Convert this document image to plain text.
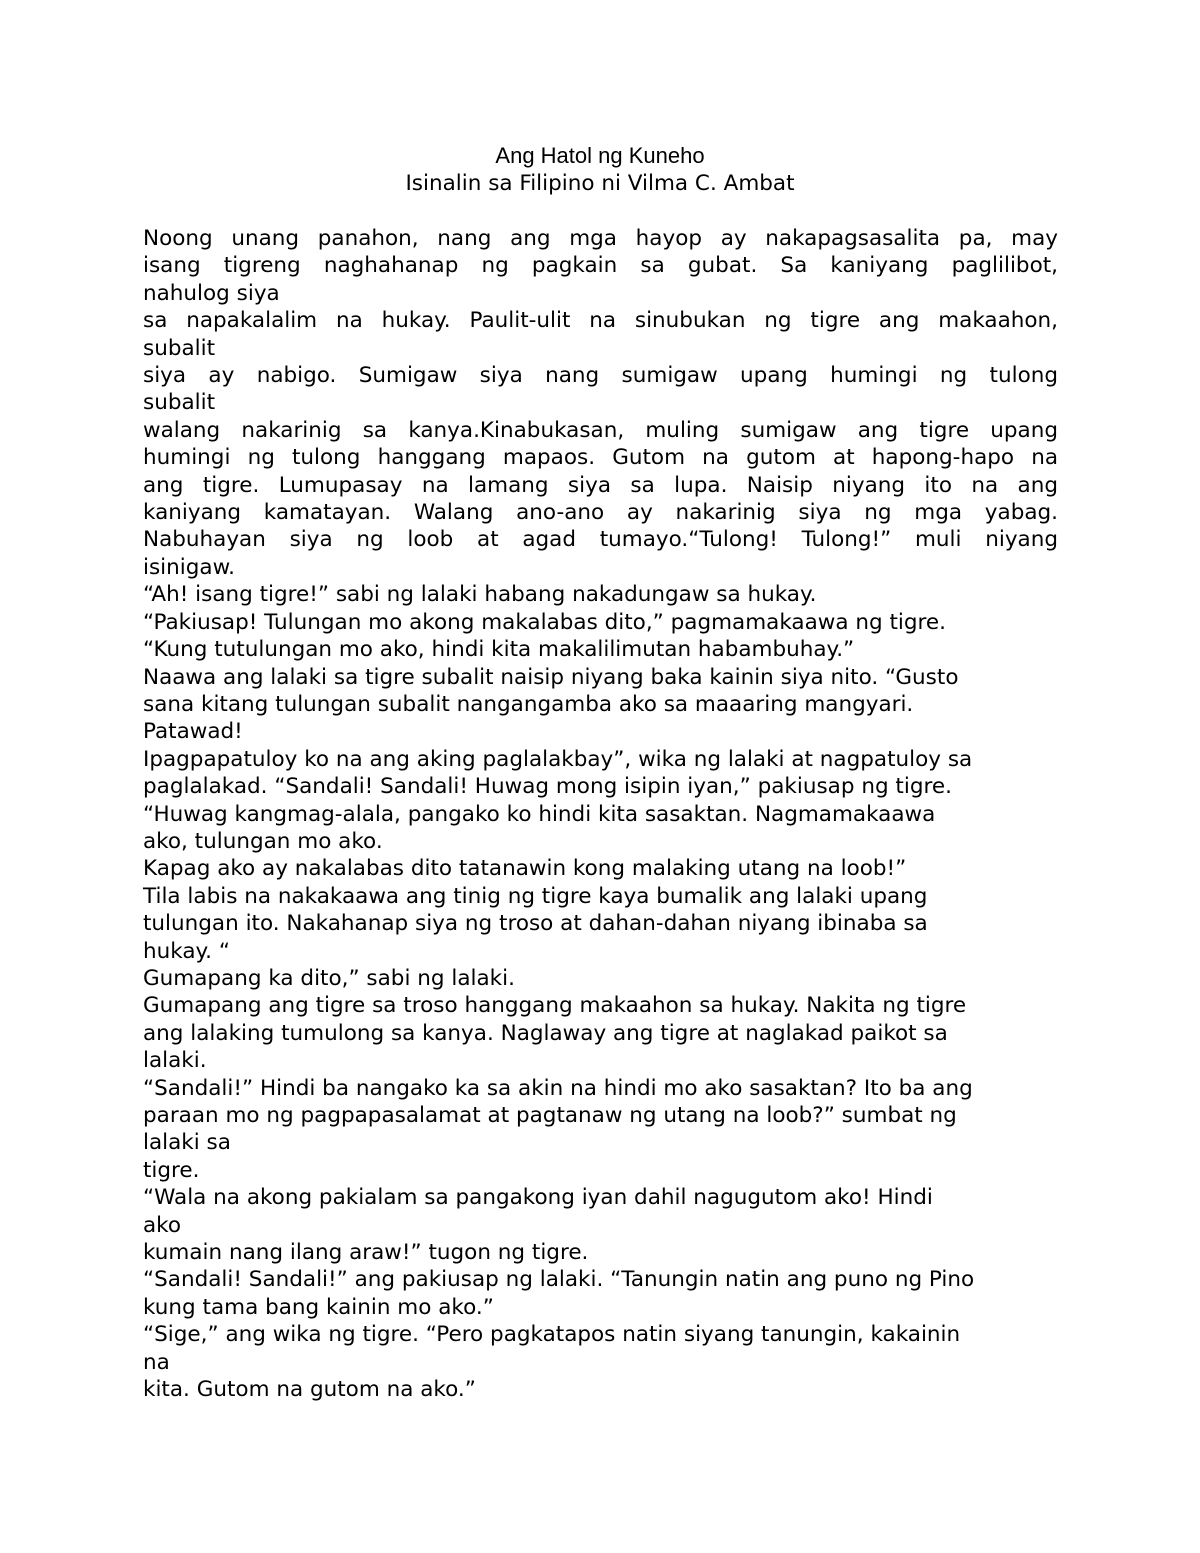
Ang Hatol ng Kuneho
Isinalin sa Filipino ni Vilma C. Ambat
Noong unang panahon, nang ang mga hayop ay nakapagsasalita pa, may
isang tigreng naghahanap ng pagkain sa gubat. Sa kaniyang paglilibot,
nahulog siya
sa napakalalim na hukay. Paulit-ulit na sinubukan ng tigre ang makaahon,
subalit
siya ay nabigo. Sumigaw siya nang sumigaw upang humingi ng tulong
subalit
walang nakarinig sa kanya.Kinabukasan, muling sumigaw ang tigre upang
humingi ng tulong hanggang mapaos. Gutom na gutom at hapong-hapo na
ang tigre. Lumupasay na lamang siya sa lupa. Naisip niyang ito na ang
kaniyang kamatayan. Walang ano-ano ay nakarinig siya ng mga yabag.
Nabuhayan siya ng loob at agad tumayo.“Tulong! Tulong!” muli niyang
isinigaw.
“Ah! isang tigre!” sabi ng lalaki habang nakadungaw sa hukay.
“Pakiusap! Tulungan mo akong makalabas dito,” pagmamakaawa ng tigre.
“Kung tutulungan mo ako, hindi kita makalilimutan habambuhay.”
Naawa ang lalaki sa tigre subalit naisip niyang baka kainin siya nito. “Gusto
sana kitang tulungan subalit nangangamba ako sa maaaring mangyari.
Patawad!
Ipagpapatuloy ko na ang aking paglalakbay”, wika ng lalaki at nagpatuloy sa
paglalakad. “Sandali! Sandali! Huwag mong isipin iyan,” pakiusap ng tigre.
“Huwag kangmag-alala, pangako ko hindi kita sasaktan. Nagmamakaawa
ako, tulungan mo ako.
Kapag ako ay nakalabas dito tatanawin kong malaking utang na loob!”
Tila labis na nakakaawa ang tinig ng tigre kaya bumalik ang lalaki upang
tulungan ito. Nakahanap siya ng troso at dahan-dahan niyang ibinaba sa
hukay. “
Gumapang ka dito,” sabi ng lalaki.
Gumapang ang tigre sa troso hanggang makaahon sa hukay. Nakita ng tigre
ang lalaking tumulong sa kanya. Naglaway ang tigre at naglakad paikot sa
lalaki.
“Sandali!” Hindi ba nangako ka sa akin na hindi mo ako sasaktan? Ito ba ang
paraan mo ng pagpapasalamat at pagtanaw ng utang na loob?” sumbat ng
lalaki sa
tigre.
“Wala na akong pakialam sa pangakong iyan dahil nagugutom ako! Hindi
ako
kumain nang ilang araw!” tugon ng tigre.
“Sandali! Sandali!” ang pakiusap ng lalaki. “Tanungin natin ang puno ng Pino
kung tama bang kainin mo ako.”
“Sige,” ang wika ng tigre. “Pero pagkatapos natin siyang tanungin, kakainin
na
kita. Gutom na gutom na ako.”
